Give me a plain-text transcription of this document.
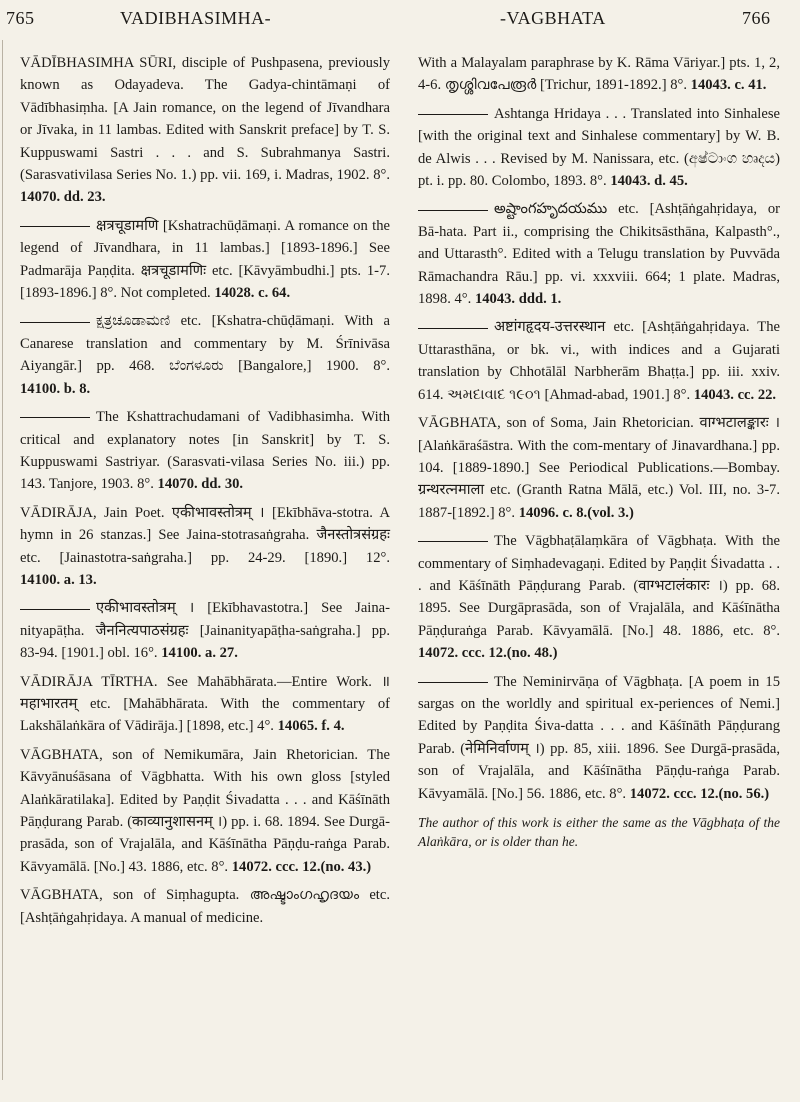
765	VADIBHASIMHA-	-VAGBHATA	766
VĀDĪBHASIMHA SŪRI, disciple of Pushpasena, previously known as Odayadeva. The Gadya-chintāmaṇi of Vādībhasiṃha. [A Jain romance, on the legend of Jīvandhara or Jīvaka, in 11 lambas. Edited with Sanskrit preface] by T. S. Kuppuswami Sastri . . . and S. Subrahmanya Sastri. (Sarasvativilasa Series No. 1.) pp. vii. 169, i. Madras, 1902. 8°. 14070. dd. 23.
क्षत्रचूडामणि [Kshatrachūḍāmaṇi. A romance on the legend of Jīvandhara, in 11 lambas.] [1893-1896.] See Padmarāja Paṇḍita. क्षत्रचूडामणिः etc. [Kāvyāmbudhi.] pts. 1-7. [1893-1896.] 8°. Not completed. 14028. c. 64.
ಕ್ಷತ್ರಚೂಡಾಮಣಿ etc. [Kshatra-chūḍāmaṇi. With a Canarese translation and commentary by M. Śrīnivāsa Aiyangār.] pp. 468. ಬೆಂಗಳೂರು [Bangalore,] 1900. 8°. 14100. b. 8.
The Kshattrachudamani of Vadibhasimha. With critical and explanatory notes [in Sanskrit] by T. S. Kuppuswami Sastriyar. (Sarasvati-vilasa Series No. iii.) pp. 143. Tanjore, 1903. 8°. 14070. dd. 30.
VĀDIRĀJA, Jain Poet. एकीभावस्तोत्रम् । [Ekībhāva-stotra. A hymn in 26 stanzas.] See Jaina-stotrasaṅgraha. जैनस्तोत्रसंग्रहः etc. [Jainastotra-saṅgraha.] pp. 24-29. [1890.] 12°. 14100. a. 13.
एकीभावस्तोत्रम् । [Ekībhavastotra.] See Jaina-nityapāṭha. जैननित्यपाठसंग्रहः [Jainanityapāṭha-saṅgraha.] pp. 83-94. [1901.] obl. 16°. 14100. a. 27.
VĀDIRĀJA TĪRTHA. See Mahābhārata.—Entire Work. ॥ महाभारतम् etc. [Mahābhārata. With the commentary of Lakshālaṅkāra of Vādirāja.] [1898, etc.] 4°. 14065. f. 4.
VĀGBHATA, son of Nemikumāra, Jain Rhetorician. The Kāvyānuśāsana of Vāgbhatta. With his own gloss [styled Alaṅkāratilaka]. Edited by Paṇḍit Śivadatta . . . and Kāśīnāth Pāṇḍurang Parab. (काव्यानुशासनम् ।) pp. i. 68. 1894. See Durgā-prasāda, son of Vrajalāla, and Kāśīnātha Pāṇḍu-raṅga Parab. Kāvyamālā. [No.] 43. 1886, etc. 8°. 14072. ccc. 12.(no. 43.)
VĀGBHATA, son of Siṃhagupta. അഷ്ടാംഗഹൃദയം etc. [Ashṭāṅgahṛidaya. A manual of medicine.
With a Malayalam paraphrase by K. Rāma Vāriyar.] pts. 1, 2, 4-6. തൃശ്ശിവപേരൂർ [Trichur, 1891-1892.] 8°. 14043. c. 41.
Ashtanga Hridaya . . . Translated into Sinhalese [with the original text and Sinhalese commentary] by W. B. de Alwis . . . Revised by M. Nanissara, etc. (අෂ්ටාංග හෘදය) pt. i. pp. 80. Colombo, 1893. 8°. 14043. d. 45.
అష్టాంగహృదయము etc. [Ashṭāṅgahṛidaya, or Bā-hata. Part ii., comprising the Chikitsāsthāna, Kalpasth°., and Uttarasth°. Edited with a Telugu translation by Puvvāda Rāmachandra Rāu.] pp. vi. xxxviii. 664; 1 plate. Madras, 1898. 4°. 14043. ddd. 1.
अष्टांगहृदय-उत्तरस्थान etc. [Ashṭāṅgahṛidaya. The Uttarasthāna, or bk. vi., with indices and a Gujarati translation by Chhotālāl Narbherām Bhaṭṭa.] pp. iii. xxiv. 614. અમદાવાદ ૧૯૦૧ [Ahmad-abad, 1901.] 8°. 14043. cc. 22.
VĀGBHATA, son of Soma, Jain Rhetorician. वाग्भटालङ्कारः । [Alaṅkāraśāstra. With the com-mentary of Jinavardhana.] pp. 104. [1889-1890.] See Periodical Publications.—Bombay. ग्रन्थरत्नमाला etc. (Granth Ratna Mālā, etc.) Vol. III, no. 3-7. 1887-[1892.] 8°. 14096. c. 8.(vol. 3.)
The Vāgbhaṭālaṃkāra of Vāgbhaṭa. With the commentary of Siṃhadevagaṇi. Edited by Paṇḍit Śivadatta . . . and Kāśīnāth Pāṇḍurang Parab. (वाग्भटालंकारः ।) pp. 68. 1895. See Durgāprasāda, son of Vrajalāla, and Kāśīnātha Pāṇḍuraṅga Parab. Kāvyamālā. [No.] 48. 1886, etc. 8°. 14072. ccc. 12.(no. 48.)
The Neminirvāṇa of Vāgbhaṭa. [A poem in 15 sargas on the worldly and spiritual ex-periences of Nemi.] Edited by Paṇḍita Śiva-datta . . . and Kāśīnāth Pāṇḍurang Parab. (नेमिनिर्वाणम् ।) pp. 85, xiii. 1896. See Durgā-prasāda, son of Vrajalāla, and Kāśīnātha Pāṇḍu-raṅga Parab. Kāvyamālā. [No.] 56. 1886, etc. 8°. 14072. ccc. 12.(no. 56.)
The author of this work is either the same as the Vāgbhaṭa of the Alaṅkāra, or is older than he.
